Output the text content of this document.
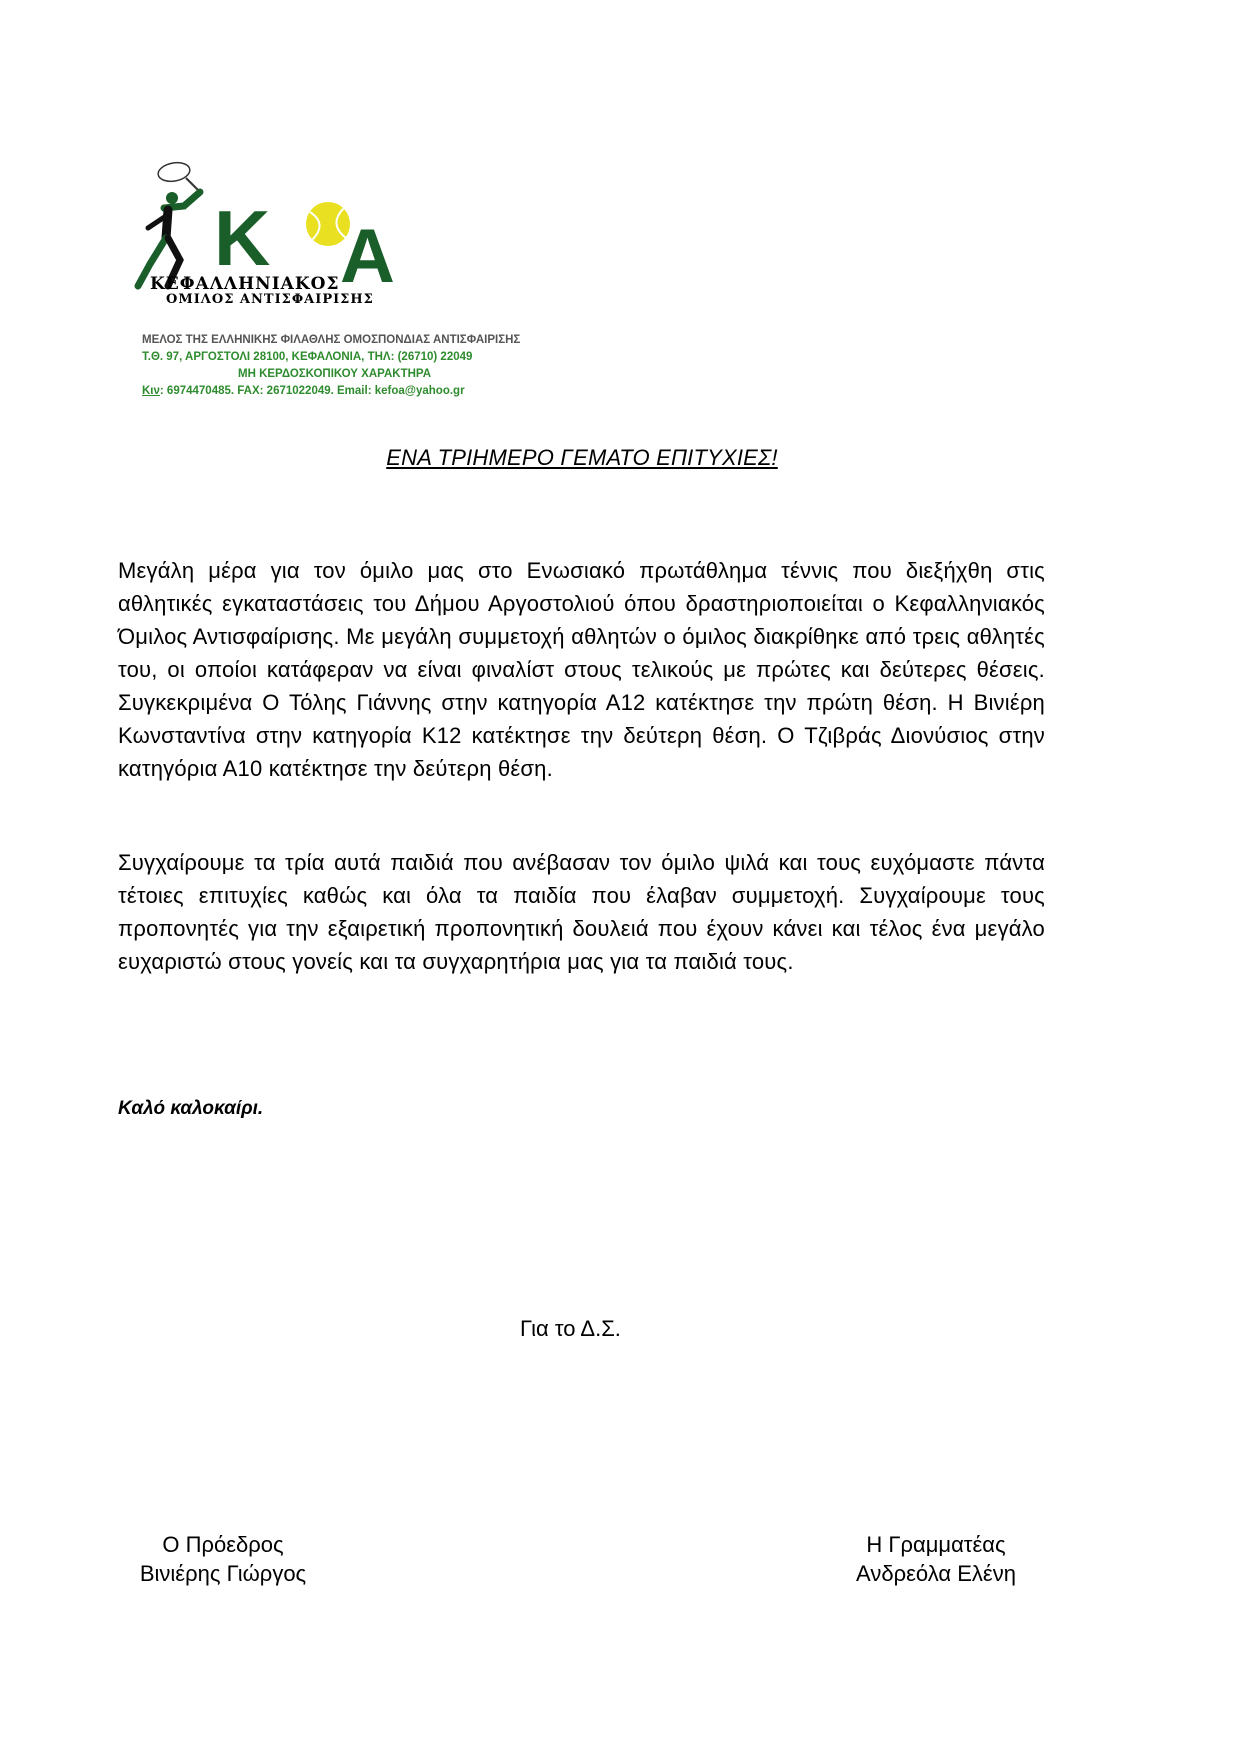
K A
ΚΕΦΑΛΛΗΝΙΑΚΟΣ
ΟΜΙΛΟΣ ΑΝΤΙΣΦΑΙΡΙΣΗΣ
ΜΕΛΟΣ ΤΗΣ ΕΛΛΗΝΙΚΗΣ ΦΙΛΑΘΛΗΣ ΟΜΟΣΠΟΝΔΙΑΣ ΑΝΤΙΣΦΑΙΡΙΣΗΣ
Τ.Θ. 97, ΑΡΓΟΣΤΟΛΙ 28100, ΚΕΦΑΛΟΝΙΑ, ΤΗΛ: (26710) 22049
ΜΗ ΚΕΡΔΟΣΚΟΠΙΚΟΥ ΧΑΡΑΚΤΗΡΑ
Κιν: 6974470485. FAX: 2671022049. Email: kefoa@yahoo.gr
ΕΝΑ ΤΡΙΗΜΕΡΟ ΓΕΜΑΤΟ ΕΠΙΤΥΧΙΕΣ!
Μεγάλη μέρα για τον όμιλο μας στο Ενωσιακό πρωτάθλημα τέννις που διεξήχθη στις αθλητικές εγκαταστάσεις του Δήμου Αργοστολιού όπου δραστηριοποιείται ο Κεφαλληνιακός Όμιλος Αντισφαίρισης. Με μεγάλη συμμετοχή αθλητών ο όμιλος διακρίθηκε από τρεις αθλητές του, οι οποίοι κατάφεραν να είναι φιναλίστ στους τελικούς με πρώτες και δεύτερες θέσεις. Συγκεκριμένα Ο Τόλης Γιάννης στην κατηγορία Α12 κατέκτησε την πρώτη θέση. Η Βινιέρη Κωνσταντίνα στην κατηγορία Κ12 κατέκτησε την δεύτερη θέση. Ο Τζιβράς Διονύσιος στην κατηγόρια Α10 κατέκτησε την δεύτερη θέση.
Συγχαίρουμε τα τρία αυτά παιδιά που ανέβασαν τον όμιλο ψιλά και τους ευχόμαστε πάντα τέτοιες επιτυχίες καθώς και όλα τα παιδία που έλαβαν συμμετοχή. Συγχαίρουμε τους προπονητές για την εξαιρετική προπονητική δουλειά που έχουν κάνει και τέλος ένα μεγάλο ευχαριστώ στους γονείς και τα συγχαρητήρια μας για τα παιδιά τους.
Καλό καλοκαίρι.
Για το Δ.Σ.
Ο Πρόεδρος
Βινιέρης Γιώργος
Η Γραμματέας
Ανδρεόλα Ελένη
